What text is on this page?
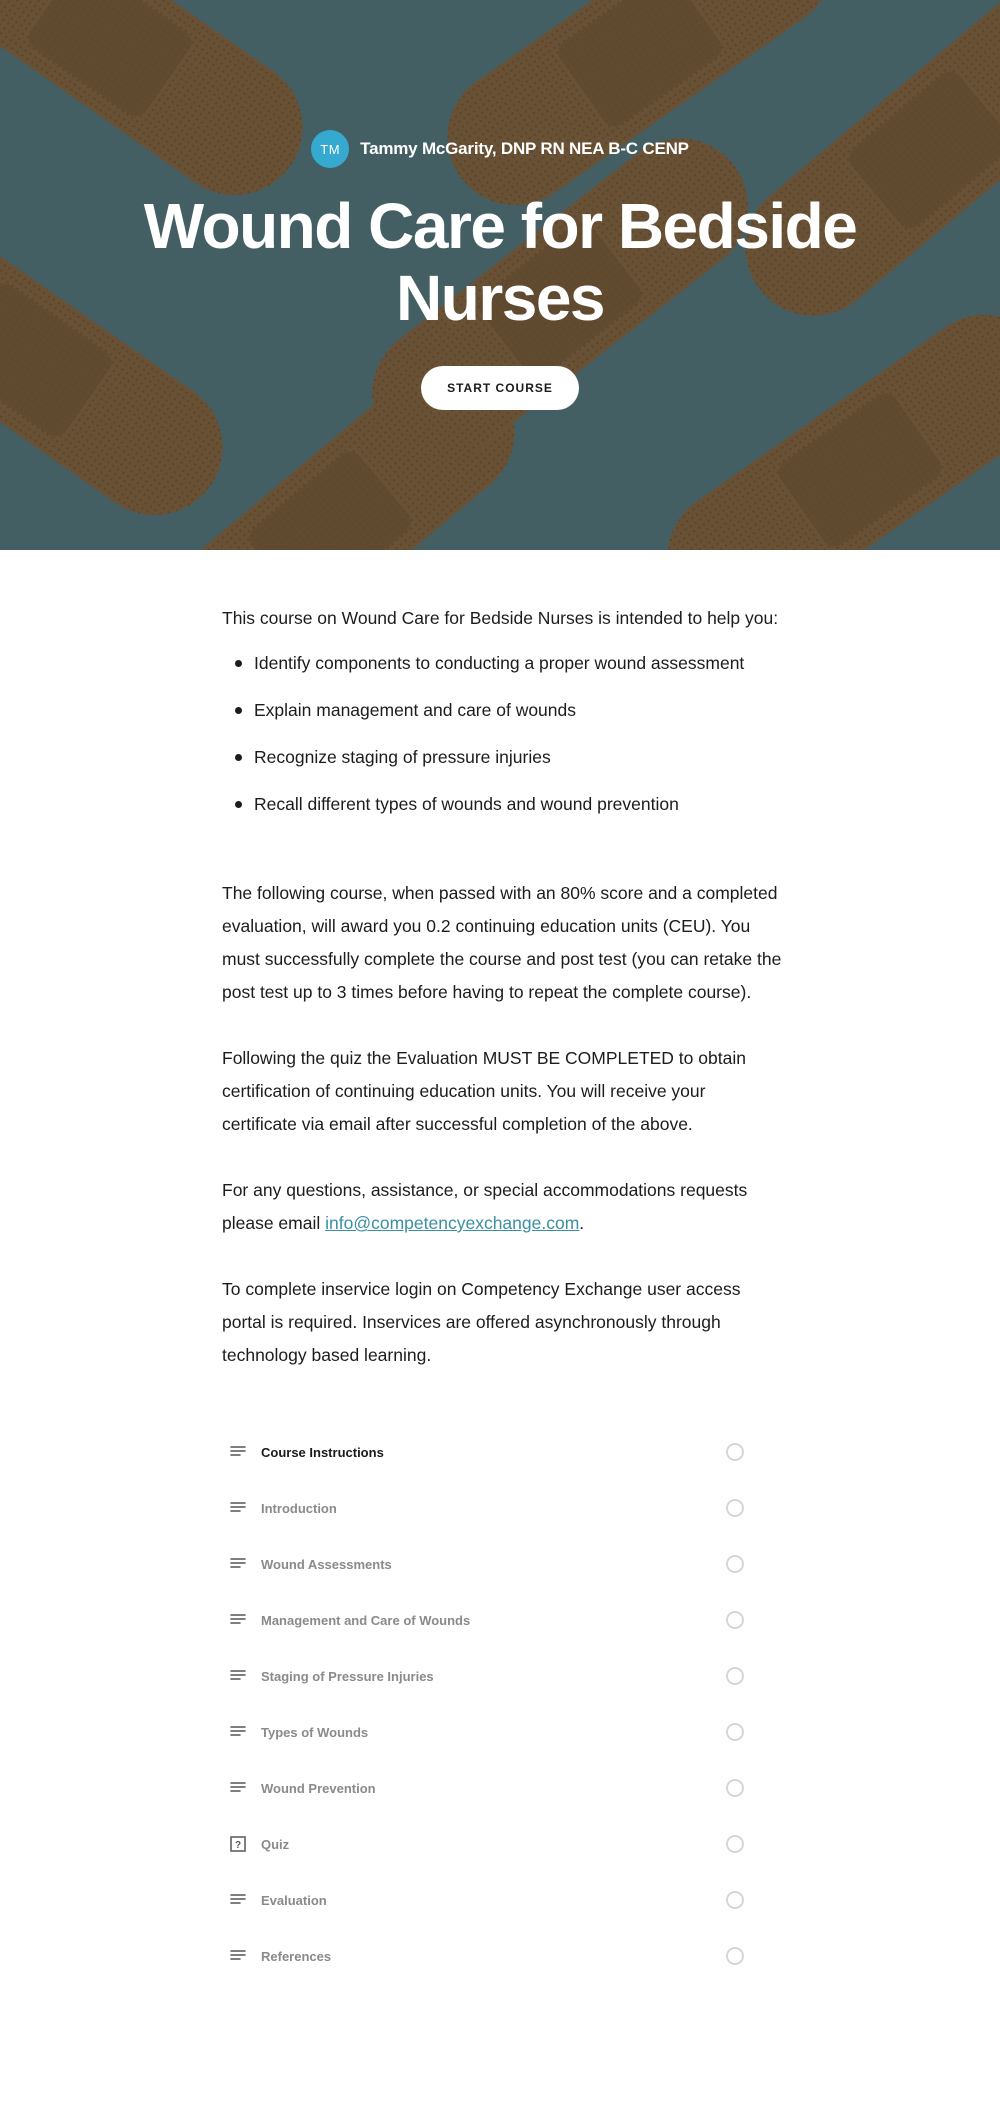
TM	Tammy McGarity, DNP RN NEA B-C CENP
Wound Care for Bedside Nurses
START COURSE

This course on Wound Care for Bedside Nurses is intended to help you:

Identify components to conducting a proper wound assessment
Explain management and care of wounds
Recognize staging of pressure injuries
Recall different types of wounds and wound prevention

The following course, when passed with an 80% score and a completed evaluation, will award you 0.2 continuing education units (CEU). You must successfully complete the course and post test (you can retake the post test up to 3 times before having to repeat the complete course).

Following the quiz the Evaluation MUST BE COMPLETED to obtain certification of continuing education units. You will receive your certificate via email after successful completion of the above.

For any questions, assistance, or special accommodations requests please email info@competencyexchange.com.

To complete inservice login on Competency Exchange user access portal is required. Inservices are offered asynchronously through technology based learning.

Course Instructions
Introduction
Wound Assessments
Management and Care of Wounds
Staging of Pressure Injuries
Types of Wounds
Wound Prevention
? Quiz
Evaluation
References
